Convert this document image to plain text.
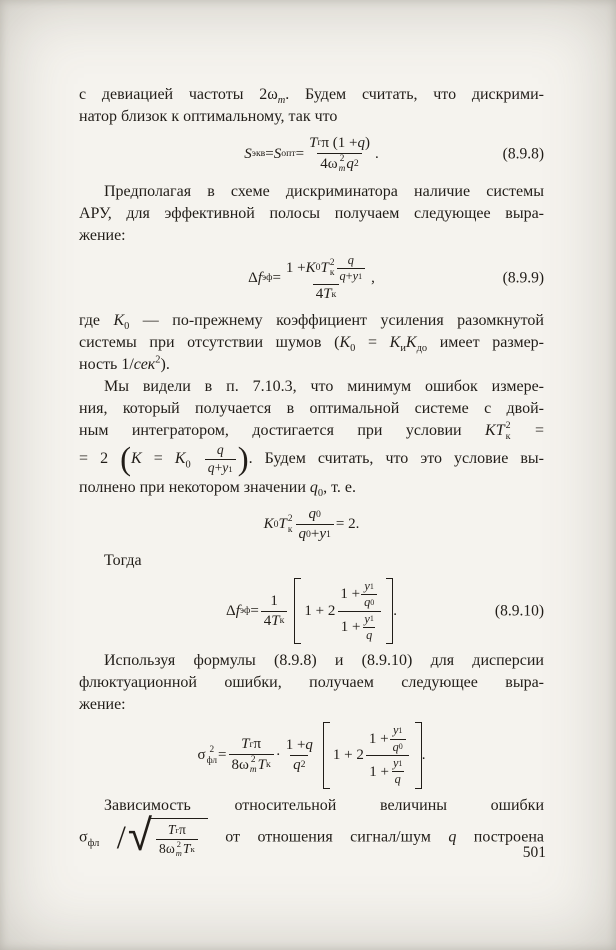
с девиацией частоты $2\omega_m$. Будем считать, что дискрими-
натор близок к оптимальному, так что

S экв = S опт =
T г π (1 + q )
4ω 2
m q 2
.	(8.9.8)

Предполагая в схеме дискриминатора наличие системы
АРУ, для эффективной полосы получаем следующее выра-
жение:

Δ f эф =
1 + K 0 T 2
к
q
q + y 1
4 T к
,	(8.9.9)

где $K_0$ — по-прежнему коэффициент усиления разомкнутой
системы при отсутствии шумов ($K_0 = K_иK_{до}$ имеет размер-
ность 1/сек$^2$).

Мы видели в п. 7.10.3, что минимум ошибок измере-
ния, который получается в оптимальной системе с двой-
ным интегратором, достигается при условии KT 2
к =
= 2 ($K = K_0 \frac{q}{q + y 1}$ ). Будем считать, что это условие вы-
полнено при некотором значении $q_0$, т. е.

K 0 T 2
к
q 0
q 0 + y 1
= 2.

Тогда

Δ f эф =
1
4 T к
1 + 2
1 +
y 1
q 0
1 +
y 1
q
.	(8.9.10)

Используя формулы (8.9.8) и (8.9.10) для дисперсии
флюктуационной ошибки, получаем следующее выра-
жение:

σ 2
фл =
T г π
8ω 2
m T к
·
1 + q
q 2
1 + 2
1 +
y 1
q 0
1 +
y 1
q
.

Зависимость относительной величины ошибки
$\sigma_{фл}$ / √ T г π
8ω 2
m T к
от отношения сигнал/шум q построена

501
